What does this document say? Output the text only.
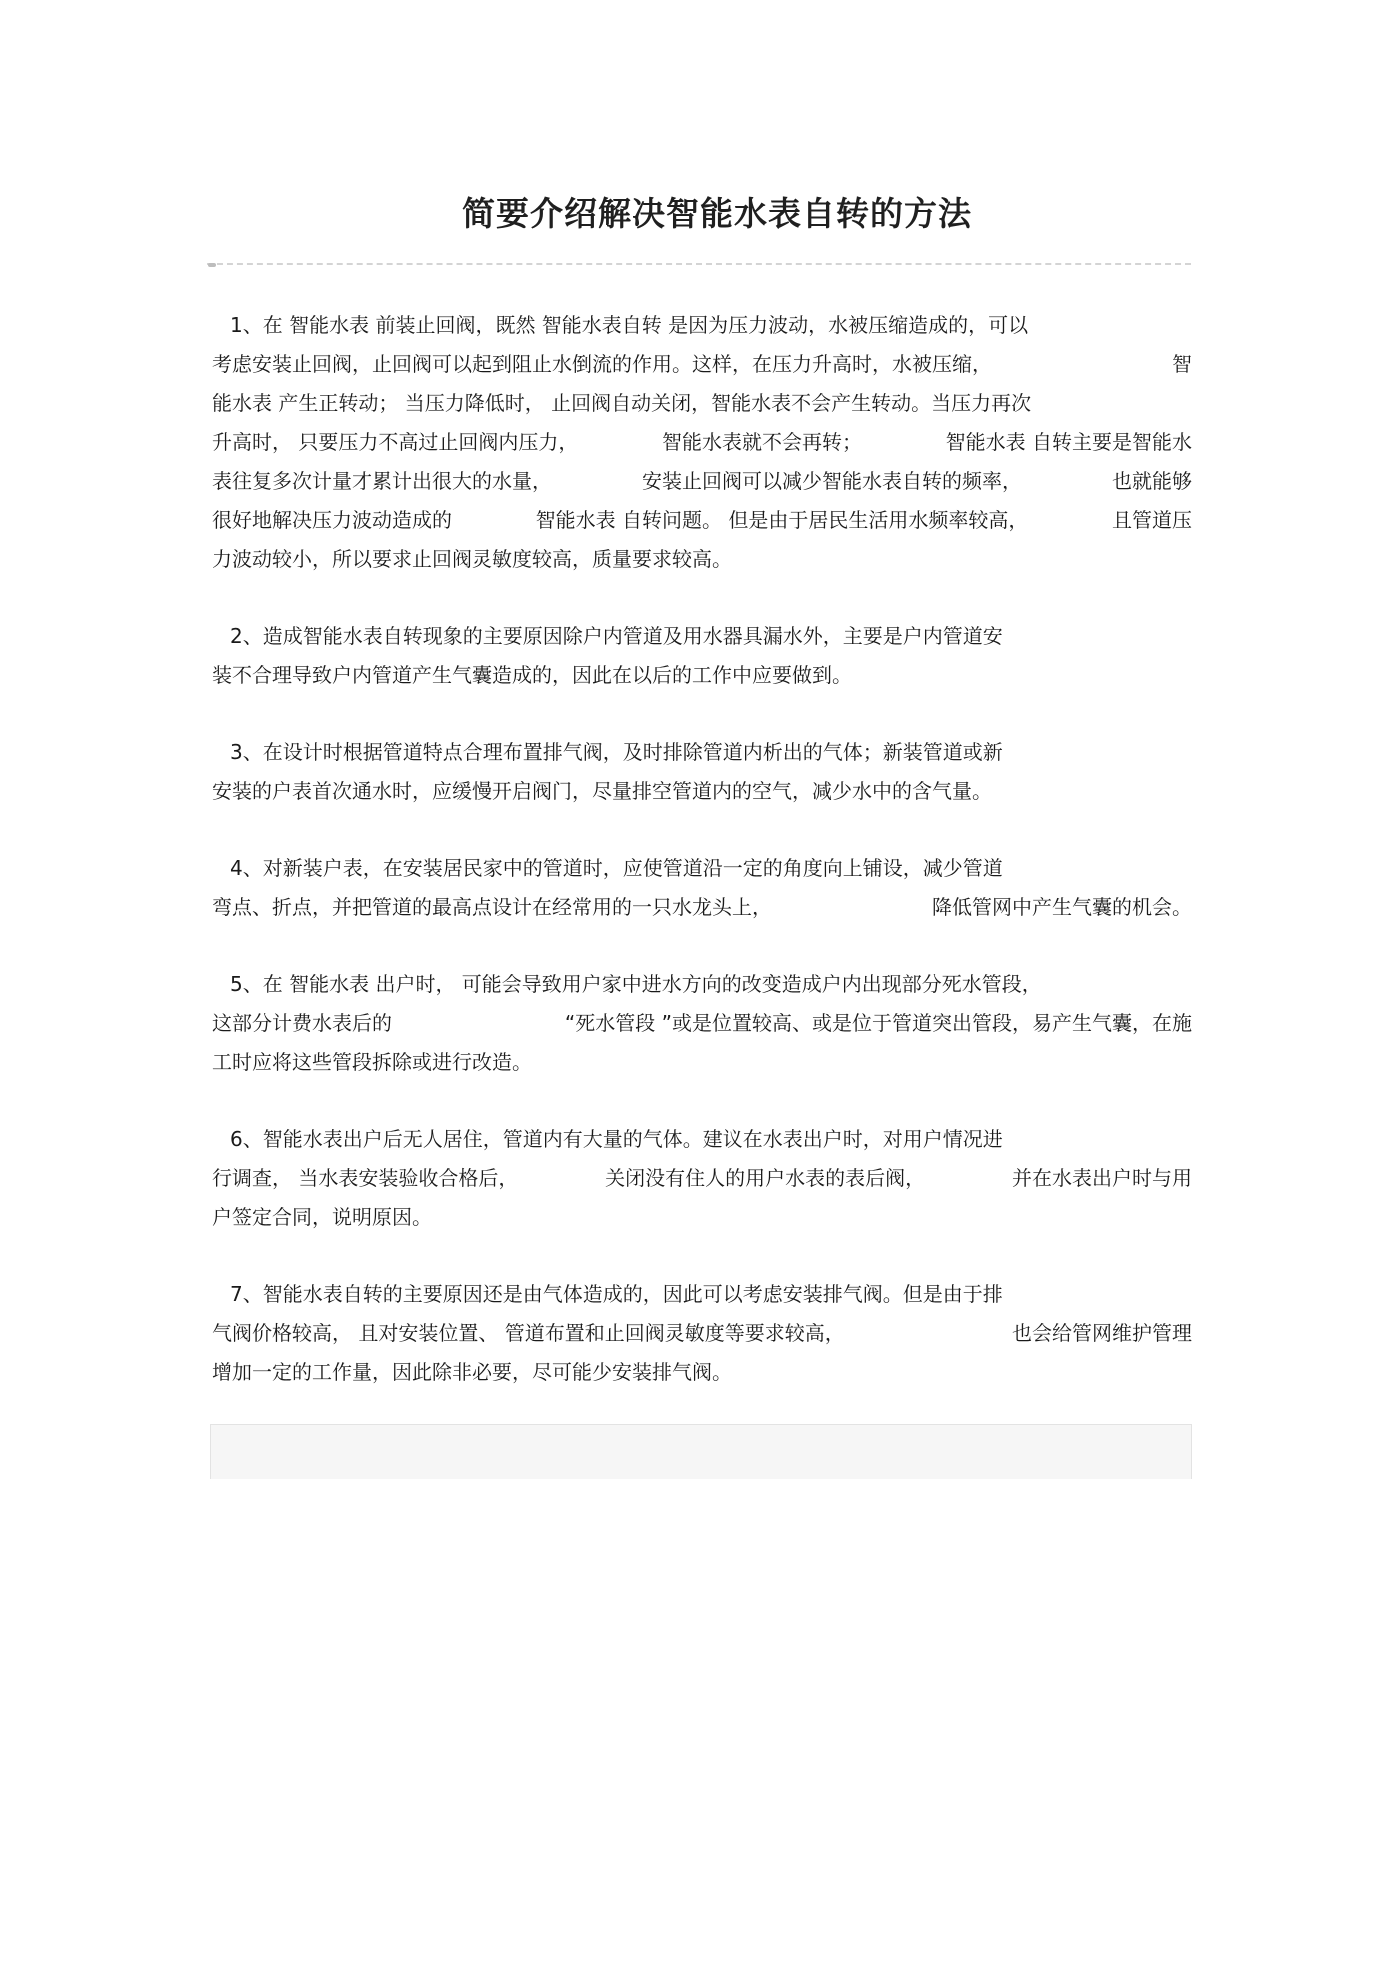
简要介绍解决智能水表自转的方法
1、在 智能水表 前装止回阀，既然 智能水表自转 是因为压力波动，水被压缩造成的，可以
考虑安装止回阀，止回阀可以起到阻止水倒流的作用。这样，在压力升高时，水被压缩，	智
能水表 产生正转动； 当压力降低时， 止回阀自动关闭，智能水表不会产生转动。当压力再次
升高时， 只要压力不高过止回阀内压力，	智能水表就不会再转；	智能水表 自转主要是智能水
表往复多次计量才累计出很大的水量，	安装止回阀可以减少智能水表自转的频率，	也就能够
很好地解决压力波动造成的	智能水表 自转问题。 但是由于居民生活用水频率较高，	且管道压
力波动较小，所以要求止回阀灵敏度较高，质量要求较高。
2、造成智能水表自转现象的主要原因除户内管道及用水器具漏水外，主要是户内管道安
装不合理导致户内管道产生气囊造成的，因此在以后的工作中应要做到。
3、在设计时根据管道特点合理布置排气阀，及时排除管道内析出的气体；新装管道或新
安装的户表首次通水时，应缓慢开启阀门，尽量排空管道内的空气，减少水中的含气量。
4、对新装户表，在安装居民家中的管道时，应使管道沿一定的角度向上铺设，减少管道
弯点、折点，并把管道的最高点设计在经常用的一只水龙头上，	降低管网中产生气囊的机会。
5、在 智能水表 出户时， 可能会导致用户家中进水方向的改变造成户内出现部分死水管段，
这部分计费水表后的	“死水管段 ”或是位置较高、或是位于管道突出管段，易产生气囊，在施
工时应将这些管段拆除或进行改造。
6、智能水表出户后无人居住，管道内有大量的气体。建议在水表出户时，对用户情况进
行调查， 当水表安装验收合格后，	关闭没有住人的用户水表的表后阀，	并在水表出户时与用
户签定合同，说明原因。
7、智能水表自转的主要原因还是由气体造成的，因此可以考虑安装排气阀。但是由于排
气阀价格较高， 且对安装位置、 管道布置和止回阀灵敏度等要求较高，	也会给管网维护管理
增加一定的工作量，因此除非必要，尽可能少安装排气阀。
